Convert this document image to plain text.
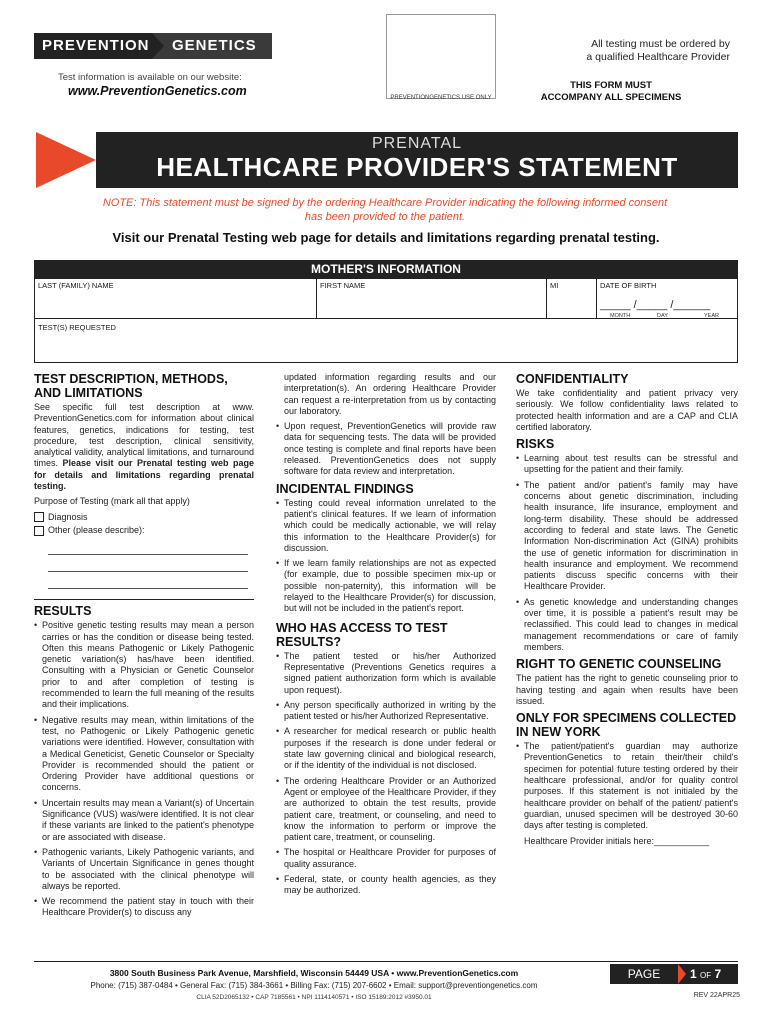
PREVENTION	GENETICS
Test information is available on our website:
www.PreventionGenetics.com	PREVENTIONGENETICS USE ONLY
All testing must be ordered by
a qualified Healthcare Provider
THIS FORM MUST
ACCOMPANY ALL SPECIMENS
PRENATAL
HEALTHCARE PROVIDER'S STATEMENT
NOTE: This statement must be signed by the ordering Healthcare Provider indicating the following informed consent has been provided to the patient.
Visit our Prenatal Testing web page for details and limitations regarding prenatal testing.
MOTHER'S INFORMATION
LAST (FAMILY) NAME	FIRST NAME	MI	DATE OF BIRTH
_____ /_____ /______
MONTH	DAY	YEAR
TEST(S) REQUESTED
TEST DESCRIPTION, METHODS, AND LIMITATIONS

See specific full test description at www. PreventionGenetics.com for information about clinical features, genetics, indications for testing, test procedure, test description, clinical sensitivity, analytical validity, analytical limitations, and turnaround times. Please visit our Prenatal testing web page for details and limitations regarding prenatal testing.

Purpose of Testing (mark all that apply)

Diagnosis
Other (please describe):
RESULTS
• Positive genetic testing results may mean a person carries or has the condition or disease being tested. Often this means Pathogenic or Likely Pathogenic genetic variation(s) has/have been identified. Consulting with a Physician or Genetic Counselor prior to and after completion of testing is recommended to learn the full meaning of the results and their implications.
• Negative results may mean, within limitations of the test, no Pathogenic or Likely Pathogenic genetic variations were identified. However, consultation with a Medical Geneticist, Genetic Counselor or Specialty Provider is recommended should the patient or Ordering Provider have additional questions or concerns.
• Uncertain results may mean a Variant(s) of Uncertain Significance (VUS) was/were identified. It is not clear if these variants are linked to the patient's phenotype or are associated with disease.
• Pathogenic variants, Likely Pathogenic variants, and Variants of Uncertain Significance in genes thought to be associated with the clinical phenotype will always be reported.
• We recommend the patient stay in touch with their Healthcare Provider(s) to discuss any

updated information regarding results and our interpretation(s). An ordering Healthcare Provider can request a re-interpretation from us by contacting our laboratory.

• Upon request, PreventionGenetics will provide raw data for sequencing tests. The data will be provided once testing is complete and final reports have been released. PreventionGenetics does not supply software for data review and interpretation.
INCIDENTAL FINDINGS
• Testing could reveal information unrelated to the patient's clinical features. If we learn of information which could be medically actionable, we will relay this information to the Healthcare Provider(s) for discussion.
• If we learn family relationships are not as expected (for example, due to possible specimen mix-up or possible non-paternity), this information will be relayed to the Healthcare Provider(s) for discussion, but will not be included in the patient's report.
WHO HAS ACCESS TO TEST RESULTS?
• The patient tested or his/her Authorized Representative (Preventions Genetics requires a signed patient authorization form which is available upon request).
• Any person specifically authorized in writing by the patient tested or his/her Authorized Representative.
• A researcher for medical research or public health purposes if the research is done under federal or state law governing clinical and biological research, or if the identity of the individual is not disclosed.
• The ordering Healthcare Provider or an Authorized Agent or employee of the Healthcare Provider, if they are authorized to obtain the test results, provide patient care, treatment, or counseling, and need to know the information to perform or improve the patient care, treatment, or counseling.
• The hospital or Healthcare Provider for purposes of quality assurance.
• Federal, state, or county health agencies, as they may be authorized.
CONFIDENTIALITY

We take confidentiality and patient privacy very seriously. We follow confidentiality laws related to protected health information and are a CAP and CLIA certified laboratory.

RISKS
• Learning about test results can be stressful and upsetting for the patient and their family.
• The patient and/or patient's family may have concerns about genetic discrimination, including health insurance, life insurance, employment and long-term disability. These should be addressed according to federal and state laws. The Genetic Information Non-discrimination Act (GINA) prohibits the use of genetic information for discrimination in health insurance and employment. We recommend patients discuss specific concerns with their Healthcare Provider.
• As genetic knowledge and understanding changes over time, it is possible a patient's result may be reclassified. This could lead to changes in medical management recommendations or care of family members.
RIGHT TO GENETIC COUNSELING

The patient has the right to genetic counseling prior to having testing and again when results have been issued.

ONLY FOR SPECIMENS COLLECTED IN NEW YORK
• The patient/patient's guardian may authorize PreventionGenetics to retain their/their child's specimen for potential future testing ordered by their healthcare professional, and/or for quality control purposes. If this statement is not initialed by the healthcare provider on behalf of the patient/ patient's guardian, unused specimen will be destroyed 30-60 days after testing is completed.

Healthcare Provider initials here:___________

3800 South Business Park Avenue, Marshfield, Wisconsin 54449 USA • www.PreventionGenetics.com
Phone: (715) 387-0484 • General Fax: (715) 384-3661 • Billing Fax: (715) 207-6602 • Email: support@preventiongenetics.com
CLIA 52D2065132 • CAP 7185561 • NPI 1114140571 • ISO 15189:2012 #3950.01
PAGE	1 OF 7
REV 22APR25
